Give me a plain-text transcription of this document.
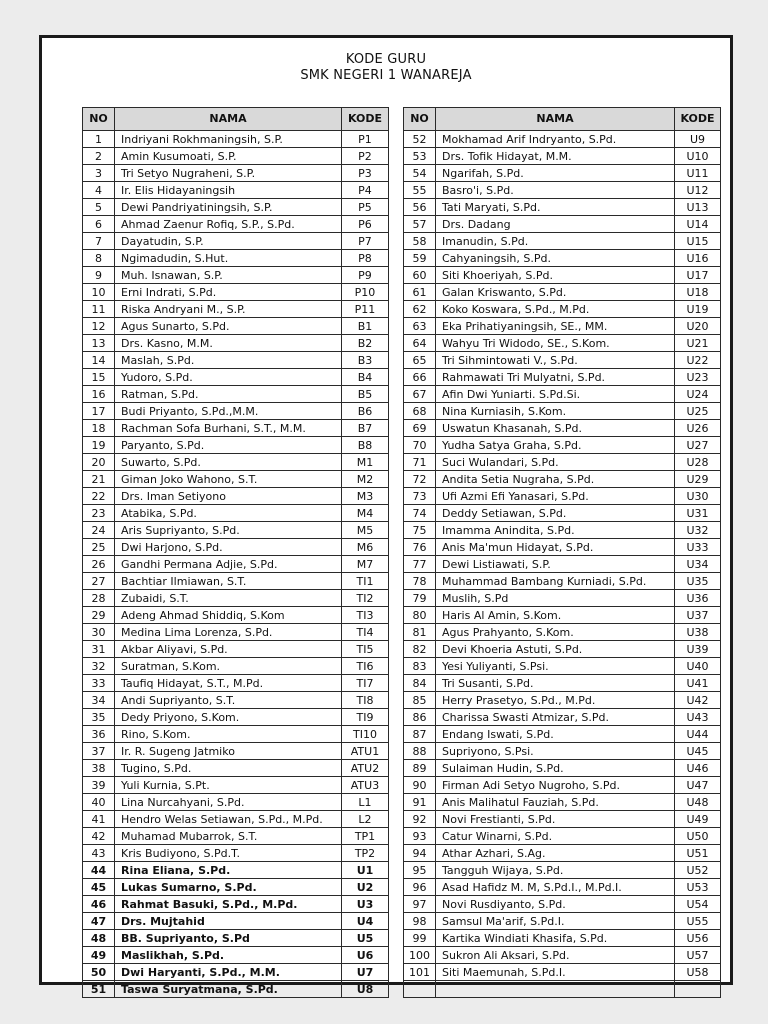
KODE GURU
SMK NEGERI 1 WANAREJA
NO	NAMA	KODE
1	Indriyani Rokhmaningsih, S.P.	P1
2	Amin Kusumoati, S.P.	P2
3	Tri Setyo Nugraheni, S.P.	P3
4	Ir. Elis Hidayaningsih	P4
5	Dewi Pandriyatiningsih, S.P.	P5
6	Ahmad Zaenur Rofiq, S.P., S.Pd.	P6
7	Dayatudin, S.P.	P7
8	Ngimadudin, S.Hut.	P8
9	Muh. Isnawan, S.P.	P9
10	Erni Indrati, S.Pd.	P10
11	Riska Andryani M., S.P.	P11
12	Agus Sunarto, S.Pd.	B1
13	Drs. Kasno, M.M.	B2
14	Maslah, S.Pd.	B3
15	Yudoro, S.Pd.	B4
16	Ratman, S.Pd.	B5
17	Budi Priyanto, S.Pd.,M.M.	B6
18	Rachman Sofa Burhani, S.T., M.M.	B7
19	Paryanto, S.Pd.	B8
20	Suwarto, S.Pd.	M1
21	Giman Joko Wahono, S.T.	M2
22	Drs. Iman Setiyono	M3
23	Atabika, S.Pd.	M4
24	Aris Supriyanto, S.Pd.	M5
25	Dwi Harjono, S.Pd.	M6
26	Gandhi Permana Adjie, S.Pd.	M7
27	Bachtiar Ilmiawan, S.T.	TI1
28	Zubaidi, S.T.	TI2
29	Adeng Ahmad Shiddiq, S.Kom	TI3
30	Medina Lima Lorenza, S.Pd.	TI4
31	Akbar Aliyavi, S.Pd.	TI5
32	Suratman, S.Kom.	TI6
33	Taufiq Hidayat, S.T., M.Pd.	TI7
34	Andi Supriyanto, S.T.	TI8
35	Dedy Priyono, S.Kom.	TI9
36	Rino, S.Kom.	TI10
37	Ir. R. Sugeng Jatmiko	ATU1
38	Tugino, S.Pd.	ATU2
39	Yuli Kurnia, S.Pt.	ATU3
40	Lina Nurcahyani, S.Pd.	L1
41	Hendro Welas Setiawan, S.Pd., M.Pd.	L2
42	Muhamad Mubarrok, S.T.	TP1
43	Kris Budiyono, S.Pd.T.	TP2
44	Rina Eliana, S.Pd.	U1
45	Lukas Sumarno, S.Pd.	U2
46	Rahmat Basuki, S.Pd., M.Pd.	U3
47	Drs. Mujtahid	U4
48	BB. Supriyanto, S.Pd	U5
49	Maslikhah, S.Pd.	U6
50	Dwi Haryanti, S.Pd., M.M.	U7
51	Taswa Suryatmana, S.Pd.	U8
NO	NAMA	KODE
52	Mokhamad Arif Indryanto, S.Pd.	U9
53	Drs. Tofik Hidayat, M.M.	U10
54	Ngarifah, S.Pd.	U11
55	Basro'i, S.Pd.	U12
56	Tati Maryati, S.Pd.	U13
57	Drs. Dadang	U14
58	Imanudin, S.Pd.	U15
59	Cahyaningsih, S.Pd.	U16
60	Siti Khoeriyah, S.Pd.	U17
61	Galan Kriswanto, S.Pd.	U18
62	Koko Koswara, S.Pd., M.Pd.	U19
63	Eka Prihatiyaningsih, SE., MM.	U20
64	Wahyu Tri Widodo, SE., S.Kom.	U21
65	Tri Sihmintowati V., S.Pd.	U22
66	Rahmawati Tri Mulyatni, S.Pd.	U23
67	Afin Dwi Yuniarti. S.Pd.Si.	U24
68	Nina Kurniasih, S.Kom.	U25
69	Uswatun Khasanah, S.Pd.	U26
70	Yudha Satya Graha, S.Pd.	U27
71	Suci Wulandari, S.Pd.	U28
72	Andita Setia Nugraha, S.Pd.	U29
73	Ufi Azmi Efi Yanasari, S.Pd.	U30
74	Deddy Setiawan, S.Pd.	U31
75	Imamma Anindita, S.Pd.	U32
76	Anis Ma'mun Hidayat, S.Pd.	U33
77	Dewi Listiawati, S.P.	U34
78	Muhammad Bambang Kurniadi, S.Pd.	U35
79	Muslih, S.Pd	U36
80	Haris Al Amin, S.Kom.	U37
81	Agus Prahyanto, S.Kom.	U38
82	Devi Khoeria Astuti, S.Pd.	U39
83	Yesi Yuliyanti, S.Psi.	U40
84	Tri Susanti, S.Pd.	U41
85	Herry Prasetyo, S.Pd., M.Pd.	U42
86	Charissa Swasti Atmizar, S.Pd.	U43
87	Endang Iswati, S.Pd.	U44
88	Supriyono, S.Psi.	U45
89	Sulaiman Hudin, S.Pd.	U46
90	Firman Adi Setyo Nugroho, S.Pd.	U47
91	Anis Malihatul Fauziah, S.Pd.	U48
92	Novi Frestianti, S.Pd.	U49
93	Catur Winarni, S.Pd.	U50
94	Athar Azhari, S.Ag.	U51
95	Tangguh Wijaya, S.Pd.	U52
96	Asad Hafidz M. M, S.Pd.I., M.Pd.I.	U53
97	Novi Rusdiyanto, S.Pd.	U54
98	Samsul Ma'arif, S.Pd.I.	U55
99	Kartika Windiati Khasifa, S.Pd.	U56
100	Sukron Ali Aksari, S.Pd.	U57
101	Siti Maemunah, S.Pd.I.	U58
